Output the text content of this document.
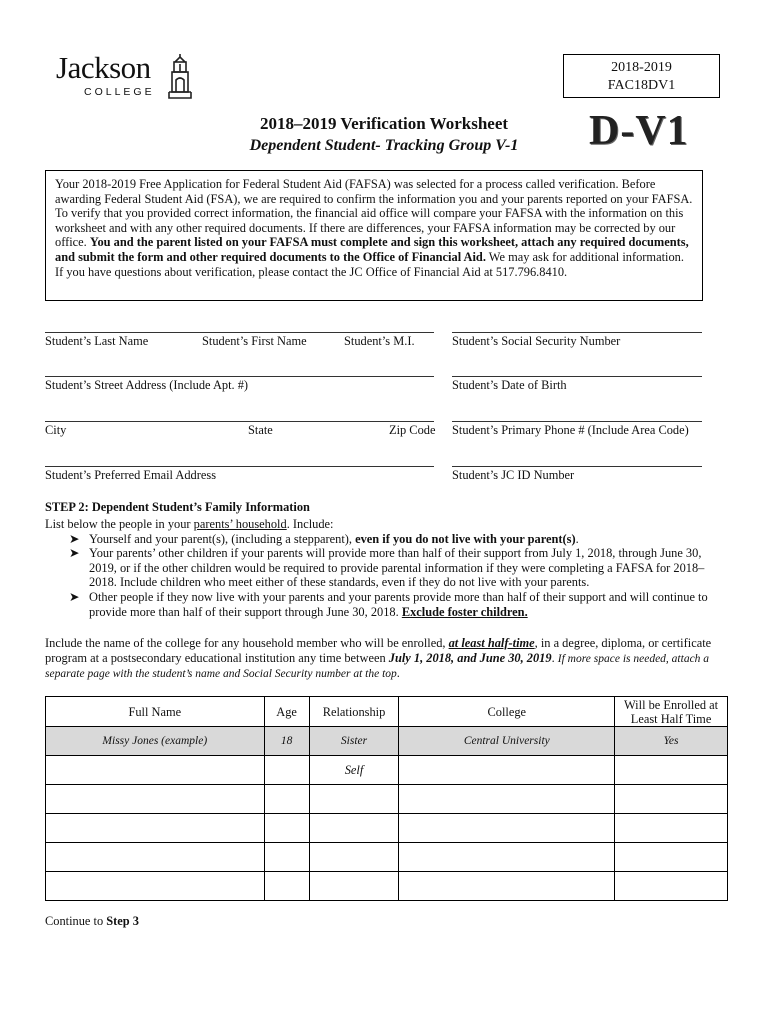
Jackson
COLLEGE
2018-2019
FAC18DV1
2018–2019 Verification Worksheet
Dependent Student- Tracking Group V-1	D-V1
Your 2018-2019 Free Application for Federal Student Aid (FAFSA) was selected for a process called verification. Before awarding Federal Student Aid (FSA), we are required to confirm the information you and your parents reported on your FAFSA. To verify that you provided correct information, the financial aid office will compare your FAFSA with the information on this worksheet and with any other required documents. If there are differences, your FAFSA information may be corrected by our office. You and the parent listed on your FAFSA must complete and sign this worksheet, attach any required documents, and submit the form and other required documents to the Office of Financial Aid. We may ask for additional information. If you have questions about verification, please contact the JC Office of Financial Aid at 517.796.8410.
Student’s Last Name	Student’s First Name	Student’s M.I.	Student’s Social Security Number
Student’s Street Address (Include Apt. #)	Student’s Date of Birth
City	State	Zip Code Student’s Primary Phone # (Include Area Code)
Student’s Preferred Email Address	Student’s JC ID Number
STEP 2: Dependent Student’s Family Information
List below the people in your parents’ household. Include:
➤ Yourself and your parent(s), (including a stepparent), even if you do not live with your parent(s).
➤ Your parents’ other children if your parents will provide more than half of their support from July 1, 2018, through June 30, 2019, or if the other children would be required to provide parental information if they were completing a FAFSA for 2018–2018. Include children who meet either of these standards, even if they do not live with your parents.
➤ Other people if they now live with your parents and your parents provide more than half of their support and will continue to provide more than half of their support through June 30, 2018. Exclude foster children.
Include the name of the college for any household member who will be enrolled, at least half-time, in a degree, diploma, or certificate program at a postsecondary educational institution any time between July 1, 2018, and June 30, 2019. If more space is needed, attach a separate page with the student’s name and Social Security number at the top.
Full Name	Age	Relationship	College	Will be Enrolled at Least Half Time
Missy Jones (example)	18	Sister	Central University	Yes
		Self		

Continue to Step 3
